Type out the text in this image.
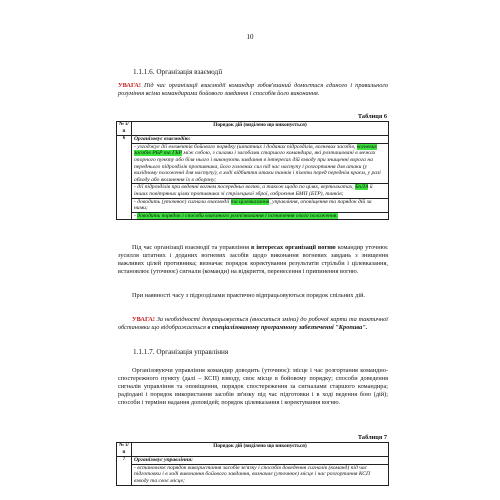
10
1.1.1.6. Організація взаємодії
УВАГА! Під час організації взаємодії командир зобов'язаний домогтися єдиного і правильного розуміння всіма командирами бойового завдання і способів його виконання.
Таблиця 6
№ з/п	Порядок дій (виділено що виконується)
6	Організовує взаємодію:
	- узгоджує дії елементів бойового порядку (штатних і доданих підрозділів, вогневих засобів, вогневих засобів РБР та ГБР між собою, з силами і засобами старшого командира, які розташовані в межах опорного пункту або біля нього і виконують завдання в інтересах дій взводу при знищенні ворога на переднього підрозділів противника, його головних сил під час наступу і розгортання для атаки (у вихідному положенні для наступу), в ході відбиття атаки танків і піхоти перед переднім краєм, у разі обходу або вклинення їх в оборону;
	- дії підрозділів при веденні вогнем посередньо вогню, а також щодо по цілях, вертольотах, БпЛА й інших повітряних цілях противника зі стрілецької зброї, озброєння БМП (БТР), танків;
	- доводить (уточнює) сигнали взаємодії та цілевказання, управління, оповіщення та порядок дій за ними;
	- доводить порядок і способи взаємного розпізнавання і позначення свого положення.
Під час організації взаємодії та управління в інтересах організації вогню командир уточнює зусилля штатних і доданих вогневих засобів щодо виконання вогневих завдань з знищення важливих цілей противника; визначає порядок коректування результатів стрільби і цілевказання, встановлює (уточнює) сигнали (команди) на відкриття, перенесення і припинення вогню.
При наявності часу з підрозділами практично відпрацьовуються порядок спільних дій.
УВАГА! За необхідності допрацьовується (вноситься зміни) до робочої карти та тактичної обстановки що відображається в спеціалізованому програмному забезпеченні "Кропива".
1.1.1.7. Організація управління
Організовуючи управління командир доводить (уточнює): місце і час розгортання командно-спостережного пункту (далі – КСП) взводу, своє місце в бойовому порядку; способи доведення сигналів управління та оповіщення, порядок спостереження за сигналами старшого командира; радіодані і порядок використання засобів зв'язку під час підготовки і в ході ведення бою (дій); способи і терміни надання доповідей; порядок цілевказання і коректування вогню.
Таблиця 7
№ з/п	Порядок дій (виділено що виконується)
7	Організовує управління:
	- встановлює порядок використання засобів зв'язку і способів доведення сигналів (команд) під час підготовки і в ході виконання бойового завдання, визначає (уточнює) місце і час розгортання КСП взводу та своє місце;
